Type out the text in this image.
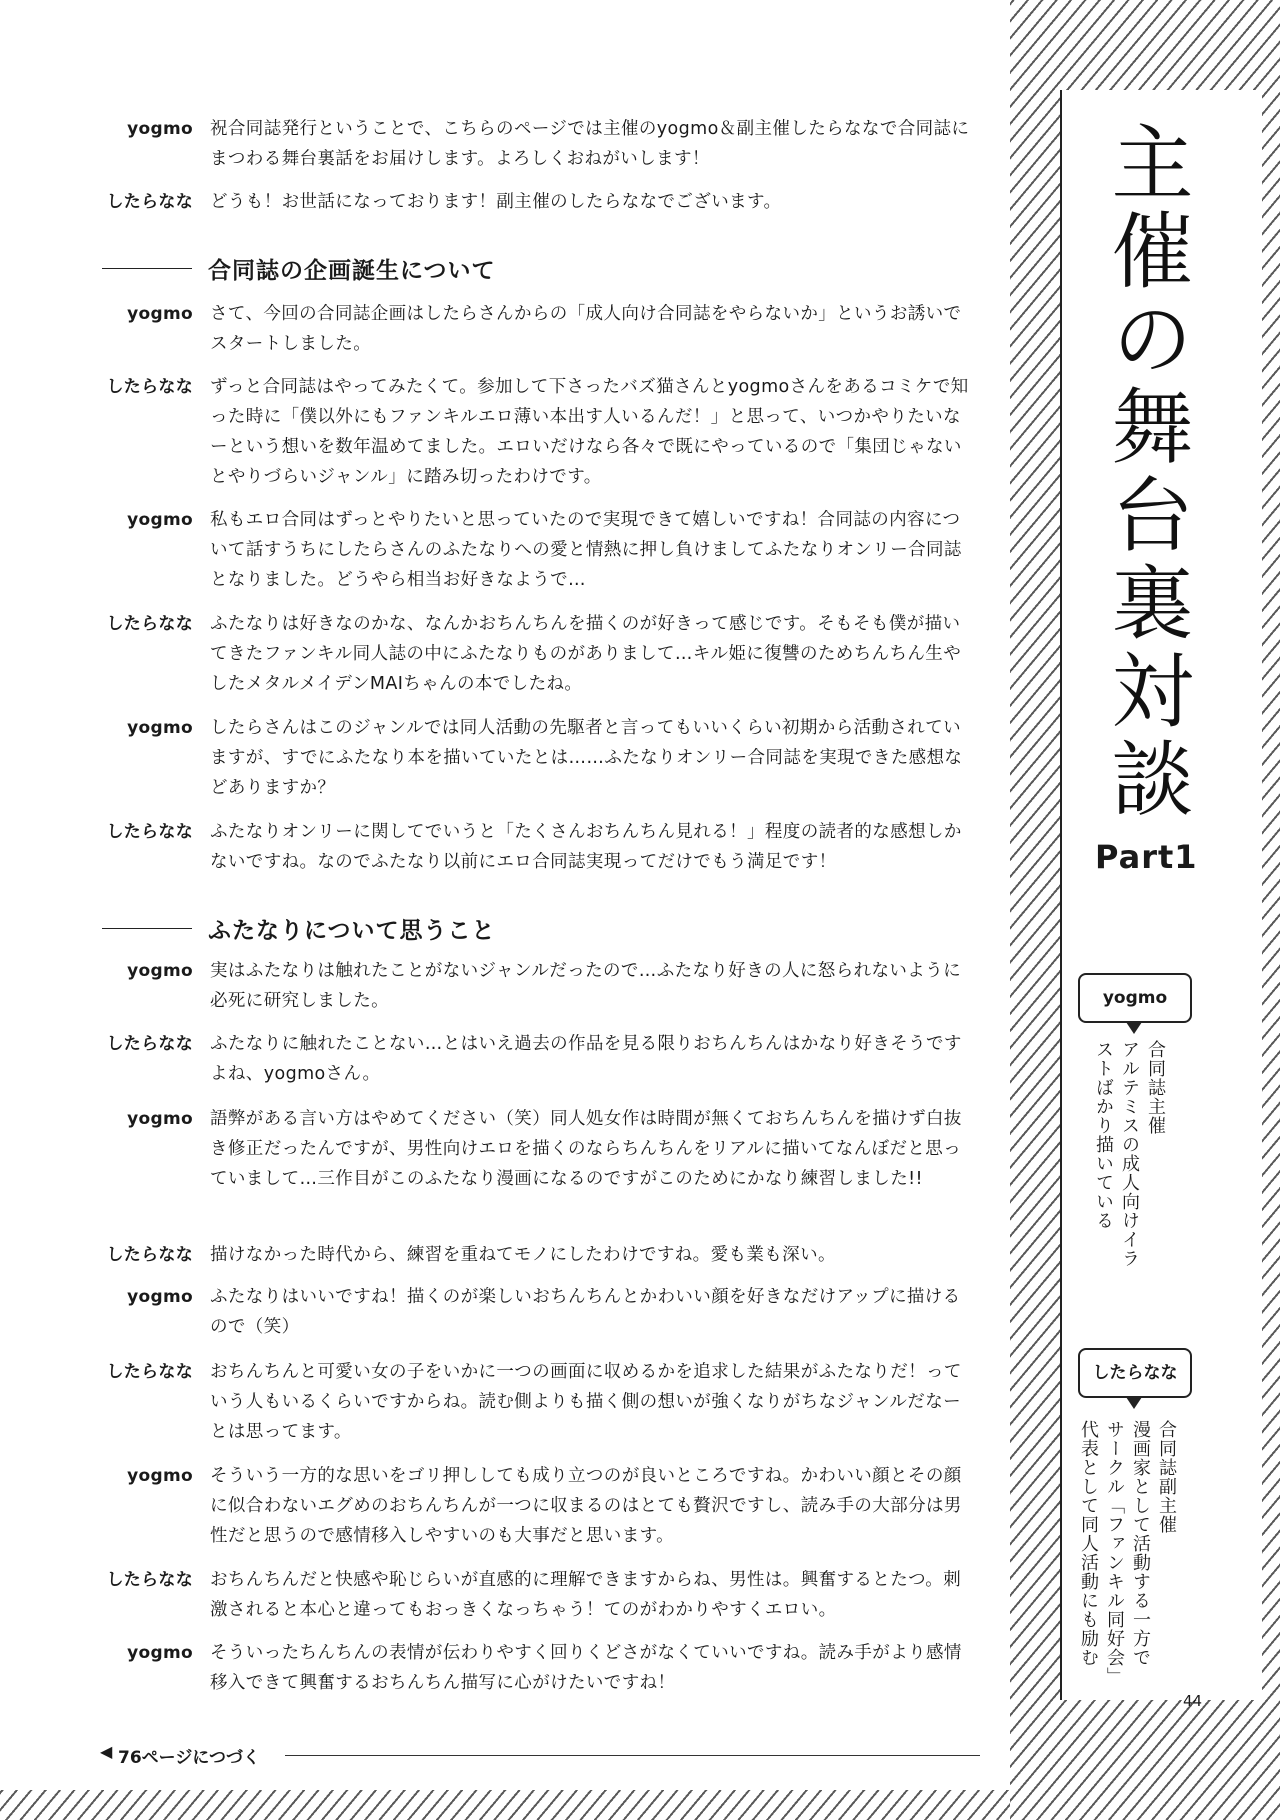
主催の舞台裏対談
Part1
yogmo
合同誌主催
アルテミスの成人向けイラ
ストばかり描いている
したらなな
合同誌副主催
漫画家として活動する一方で
サークル「ファンキル同好会」
代表として同人活動にも励む
44
yogmo 祝合同誌発行ということで、こちらのページでは主催のyogmo＆副主催したらななで合同誌にまつわる舞台裏話をお届けします。よろしくおねがいします！
したらなな どうも！お世話になっております！副主催のしたらななでございます。
合同誌の企画誕生について
yogmo さて、今回の合同誌企画はしたらさんからの「成人向け合同誌をやらないか」というお誘いでスタートしました。
したらなな ずっと合同誌はやってみたくて。参加して下さったバズ猫さんとyogmoさんをあるコミケで知った時に「僕以外にもファンキルエロ薄い本出す人いるんだ！」と思って、いつかやりたいなーという想いを数年温めてました。エロいだけなら各々で既にやっているので「集団じゃないとやりづらいジャンル」に踏み切ったわけです。
yogmo 私もエロ合同はずっとやりたいと思っていたので実現できて嬉しいですね！合同誌の内容について話すうちにしたらさんのふたなりへの愛と情熱に押し負けましてふたなりオンリー合同誌となりました。どうやら相当お好きなようで…
したらなな ふたなりは好きなのかな、なんかおちんちんを描くのが好きって感じです。そもそも僕が描いてきたファンキル同人誌の中にふたなりものがありまして…キル姫に復讐のためちんちん生やしたメタルメイデンMAIちゃんの本でしたね。
yogmo したらさんはこのジャンルでは同人活動の先駆者と言ってもいいくらい初期から活動されていますが、すでにふたなり本を描いていたとは……ふたなりオンリー合同誌を実現できた感想などありますか？
したらなな ふたなりオンリーに関してでいうと「たくさんおちんちん見れる！」程度の読者的な感想しかないですね。なのでふたなり以前にエロ合同誌実現ってだけでもう満足です！
ふたなりについて思うこと
yogmo 実はふたなりは触れたことがないジャンルだったので…ふたなり好きの人に怒られないように必死に研究しました。
したらなな ふたなりに触れたことない…とはいえ過去の作品を見る限りおちんちんはかなり好きそうですよね、yogmoさん。
yogmo 語弊がある言い方はやめてください（笑）同人処女作は時間が無くておちんちんを描けず白抜き修正だったんですが、男性向けエロを描くのならちんちんをリアルに描いてなんぼだと思っていまして…三作目がこのふたなり漫画になるのですがこのためにかなり練習しました!!
したらなな 描けなかった時代から、練習を重ねてモノにしたわけですね。愛も業も深い。
yogmo ふたなりはいいですね！描くのが楽しいおちんちんとかわいい顔を好きなだけアップに描けるので（笑）
したらなな おちんちんと可愛い女の子をいかに一つの画面に収めるかを追求した結果がふたなりだ！っていう人もいるくらいですからね。読む側よりも描く側の想いが強くなりがちなジャンルだなーとは思ってます。
yogmo そういう一方的な思いをゴリ押ししても成り立つのが良いところですね。かわいい顔とその顔に似合わないエグめのおちんちんが一つに収まるのはとても贅沢ですし、読み手の大部分は男性だと思うので感情移入しやすいのも大事だと思います。
したらなな おちんちんだと快感や恥じらいが直感的に理解できますからね、男性は。興奮するとたつ。刺激されると本心と違ってもおっきくなっちゃう！てのがわかりやすくエロい。
yogmo そういったちんちんの表情が伝わりやすく回りくどさがなくていいですね。読み手がより感情移入できて興奮するおちんちん描写に心がけたいですね！
◀ 76ページにつづく
